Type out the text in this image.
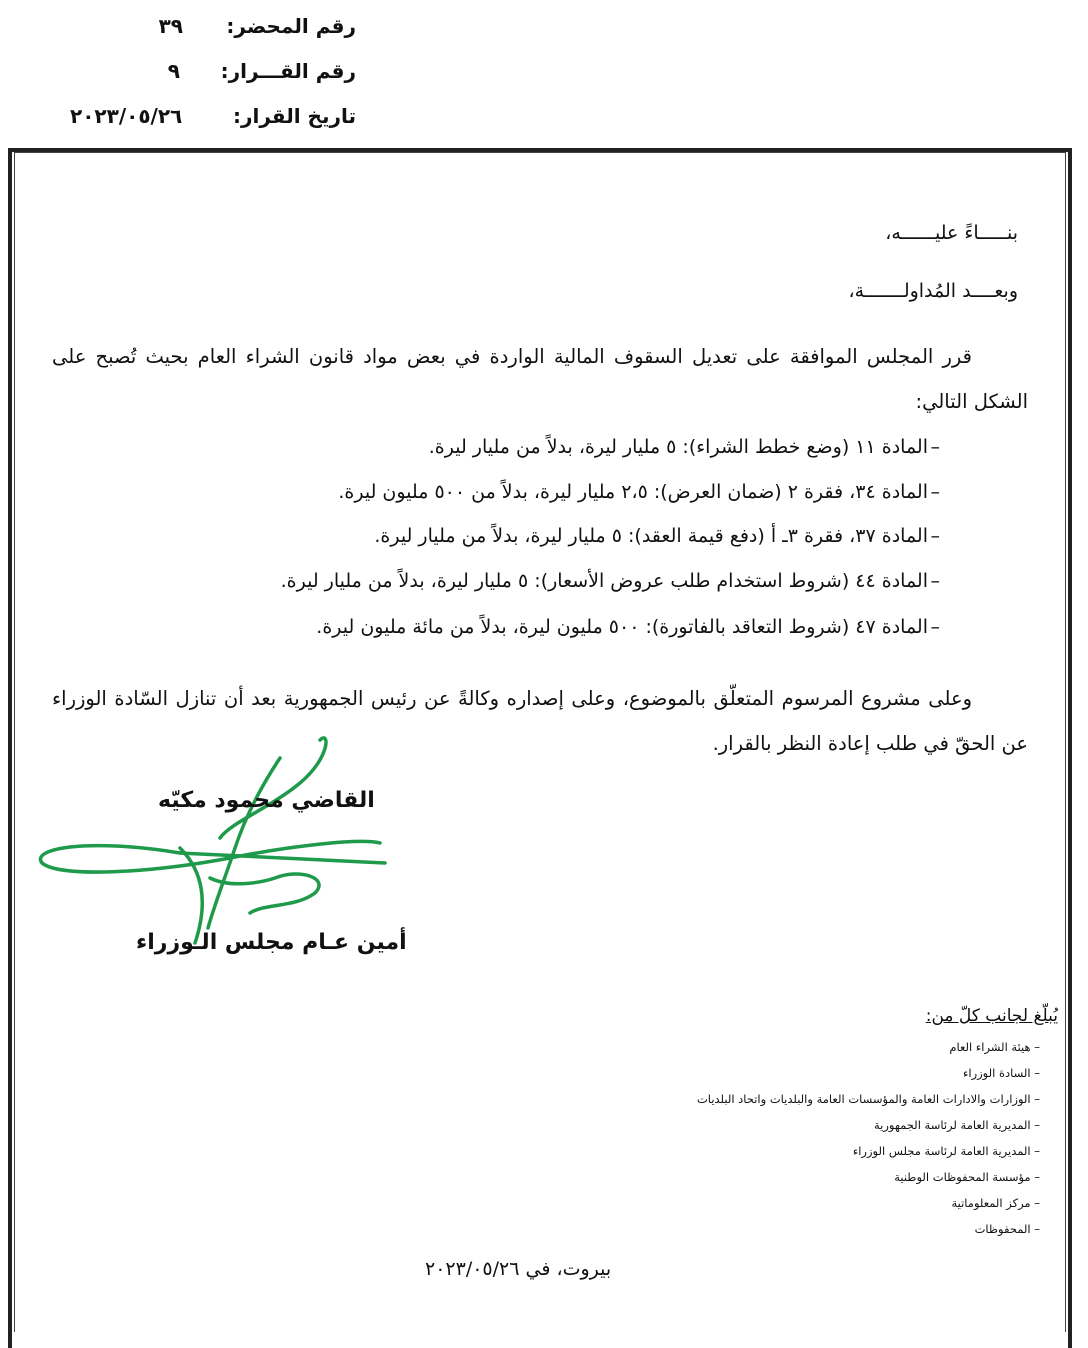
رقم المحضر:
٣٩
رقم القـــرار:
٩
تاريخ القرار:
٢٠٢٣/٠٥/٢٦
بنـــــاءً عليــــــه،
وبعــــد المُداولـــــــة،
قرر المجلس الموافقة على تعديل السقوف المالية الواردة في بعض مواد قانون الشراء العام بحيث تُصبح على الشكل التالي:
–
المادة ١١ (وضع خطط الشراء): ٥ مليار ليرة، بدلاً من مليار ليرة.
–
المادة ٣٤، فقرة ٢ (ضمان العرض): ٢،٥ مليار ليرة، بدلاً من ٥٠٠ مليون ليرة.
–
المادة ٣٧، فقرة ٣ـ أ (دفع قيمة العقد): ٥ مليار ليرة، بدلاً من مليار ليرة.
–
المادة ٤٤ (شروط استخدام طلب عروض الأسعار): ٥ مليار ليرة، بدلاً من مليار ليرة.
–
المادة ٤٧ (شروط التعاقد بالفاتورة): ٥٠٠ مليون ليرة، بدلاً من مائة مليون ليرة.
وعلى مشروع المرسوم المتعلّق بالموضوع، وعلى إصداره وكالةً عن رئيس الجمهورية بعد أن تنازل السّادة الوزراء عن الحقّ في طلب إعادة النظر بالقرار.
القاضي محمود مكيّه
أمين عـام مجلس الـوزراء
يُبلّغ لجانب كلّ من:
– هيئة الشراء العام
– السادة الوزراء
– الوزارات والادارات العامة والمؤسسات العامة والبلديات واتحاد البلديات
– المديرية العامة لرئاسة الجمهورية
– المديرية العامة لرئاسة مجلس الوزراء
– مؤسسة المحفوظات الوطنية
– مركز المعلوماتية
– المحفوظات
بيروت، في ٢٠٢٣/٠٥/٢٦
